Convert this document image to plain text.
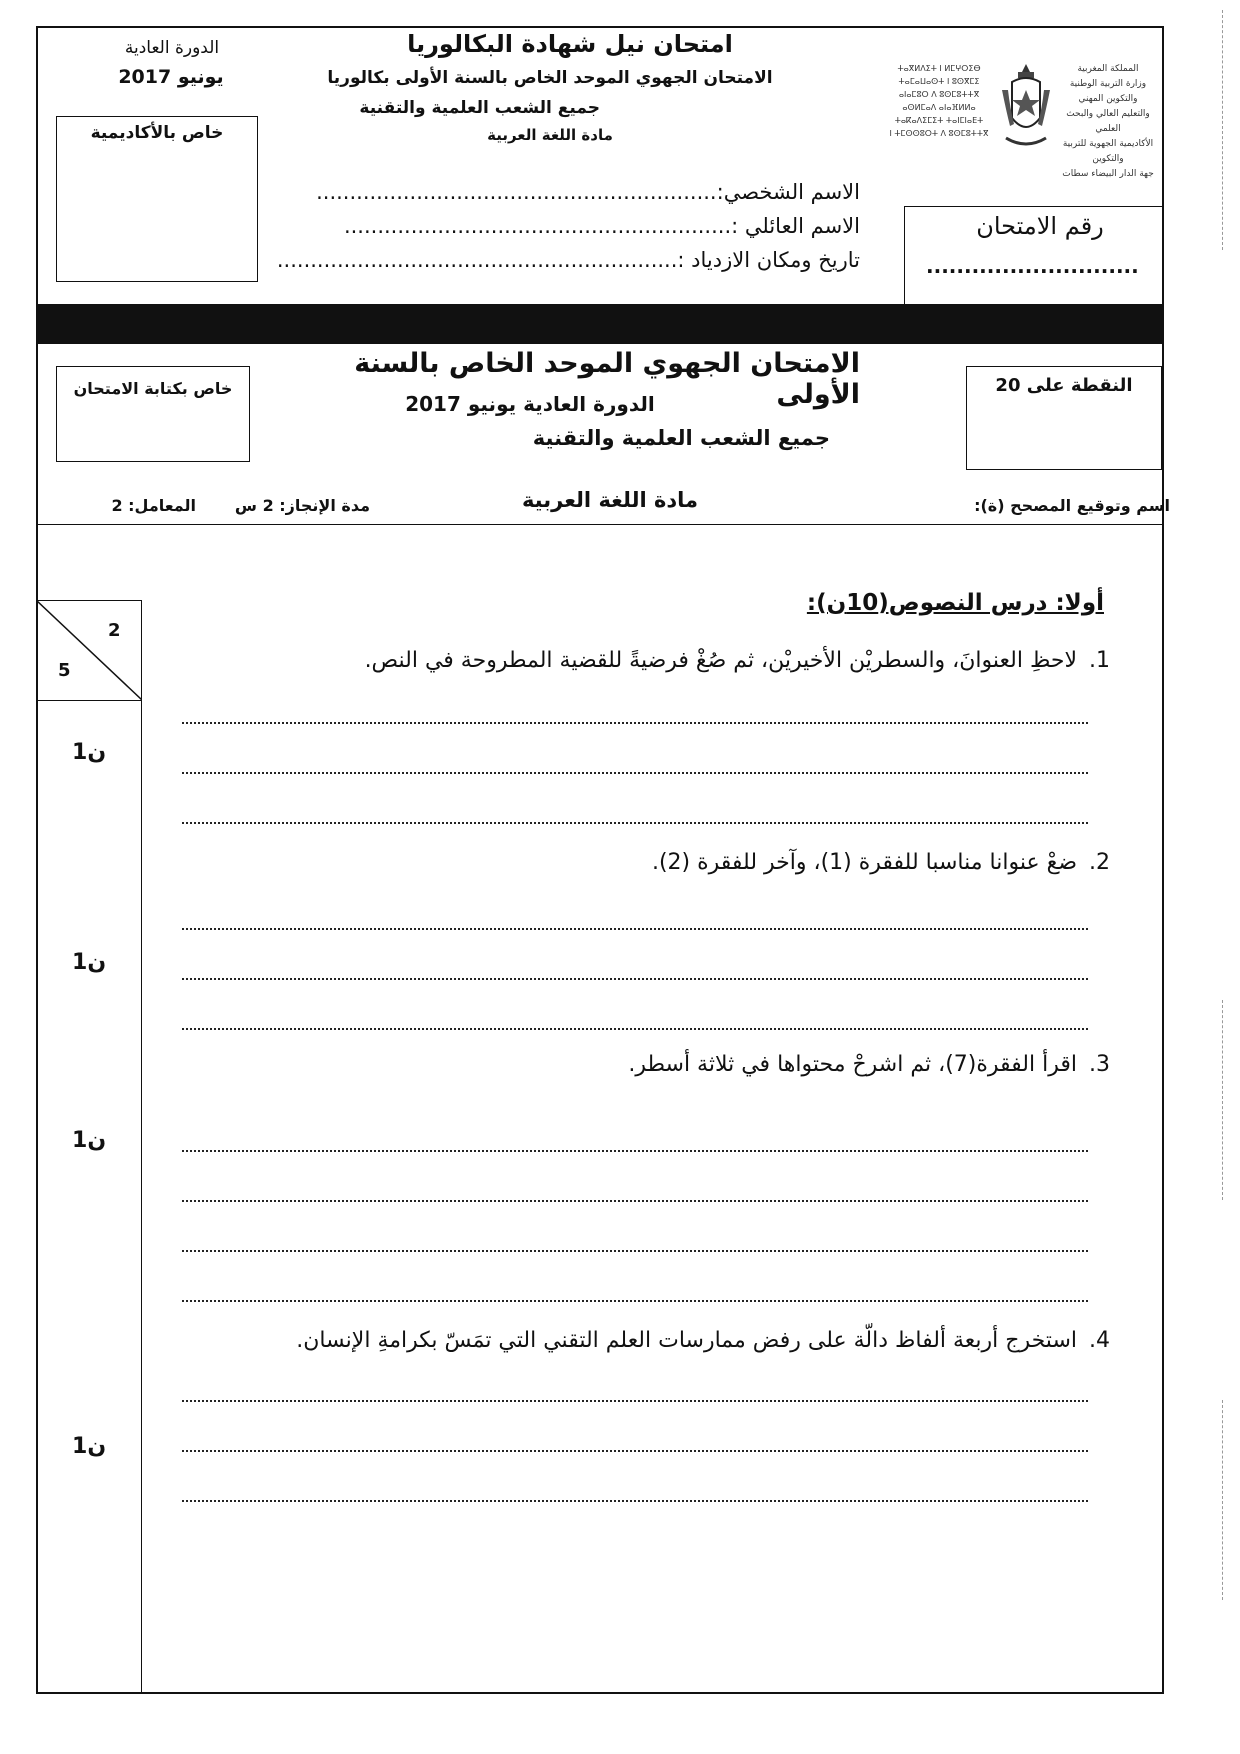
الدورة العادية
يونيو 2017
خاص بالأكاديمية
امتحان نيل شهادة البكالوريا
الامتحان الجهوي الموحد الخاص بالسنة الأولى بكالوريا
جميع الشعب العلمية والتقنية
مادة اللغة العربية
ⵜⴰⴳⵍⴷⵉⵜ ⵏ ⵍⵎⵖⵔⵉⴱ
ⵜⴰⵎⴰⵡⴰⵙⵜ ⵏ ⵓⵙⴳⵎⵉ
ⴰⵏⴰⵎⵓⵔ ⴷ ⵓⵙⵎⵓⵜⵜⴳ
ⴰⵙⵍⵎⴰⴷ ⴰⵏⴰⴼⵍⵍⴰ
ⵜⴰⴽⴰⴷⵉⵎⵉⵜ ⵜⴰⵏⵎⵏⴰⴹⵜ
ⵏ ⵜⵎⵙⵙⵓⵔⵜ ⴷ ⵓⵙⵎⵓⵜⵜⴳ
المملكة المغربية
وزارة التربية الوطنية
والتكوين المهني
والتعليم العالي والبحث العلمي
الأكاديمية الجهوية للتربية والتكوين
جهة الدار البيضاء سطات
رقم الامتحان
............................
الاسم الشخصي:............................................................
الاسم العائلي :..........................................................
تاريخ ومكان الازدياد :............................................................
الامتحان الجهوي الموحد الخاص بالسنة الأولى
الدورة العادية يونيو 2017
جميع الشعب العلمية والتقنية
خاص بكتابة الامتحان	النقطة على 20
اسم وتوقيع المصحح (ة):
مادة اللغة العربية
مدة الإنجاز: 2 س
المعامل: 2
2
5
أولا: درس النصوص(10ن):
1.لاحظِ العنوانَ، والسطريْن الأخيريْن، ثم صُغْ فرضيةً للقضية المطروحة في النص.
1ن
2.ضعْ عنوانا مناسبا للفقرة (1)، وآخر للفقرة (2).
1ن
3.اقرأ الفقرة(7)، ثم اشرحْ محتواها في ثلاثة أسطر.
1ن
4.استخرج أربعة ألفاظ دالّة على رفض ممارسات العلم التقني التي تمَسّ بكرامةِ الإنسان.
1ن
